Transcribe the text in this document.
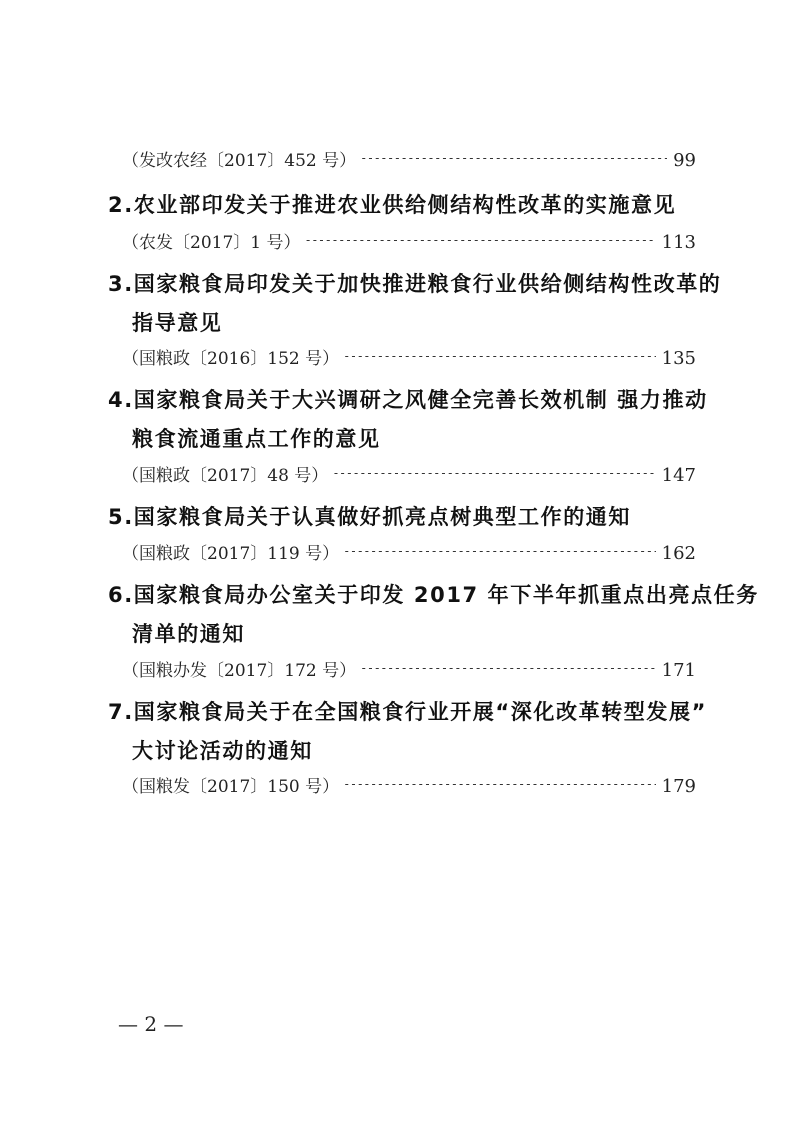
（发改农经〔2017〕452 号） -----	99
2.农业部印发关于推进农业供给侧结构性改革的实施意见
（农发〔2017〕1 号） -----	113
3.国家粮食局印发关于加快推进粮食行业供给侧结构性改革的
指导意见
（国粮政〔2016〕152 号） -----	135
4.国家粮食局关于大兴调研之风健全完善长效机制 强力推动
粮食流通重点工作的意见
（国粮政〔2017〕48 号） -----	147
5.国家粮食局关于认真做好抓亮点树典型工作的通知
（国粮政〔2017〕119 号） -----	162
6.国家粮食局办公室关于印发 2017 年下半年抓重点出亮点任务
清单的通知
（国粮办发〔2017〕172 号） -----	171
7.国家粮食局关于在全国粮食行业开展“深化改革转型发展”
大讨论活动的通知
（国粮发〔2017〕150 号） -----	179
— 2 —
